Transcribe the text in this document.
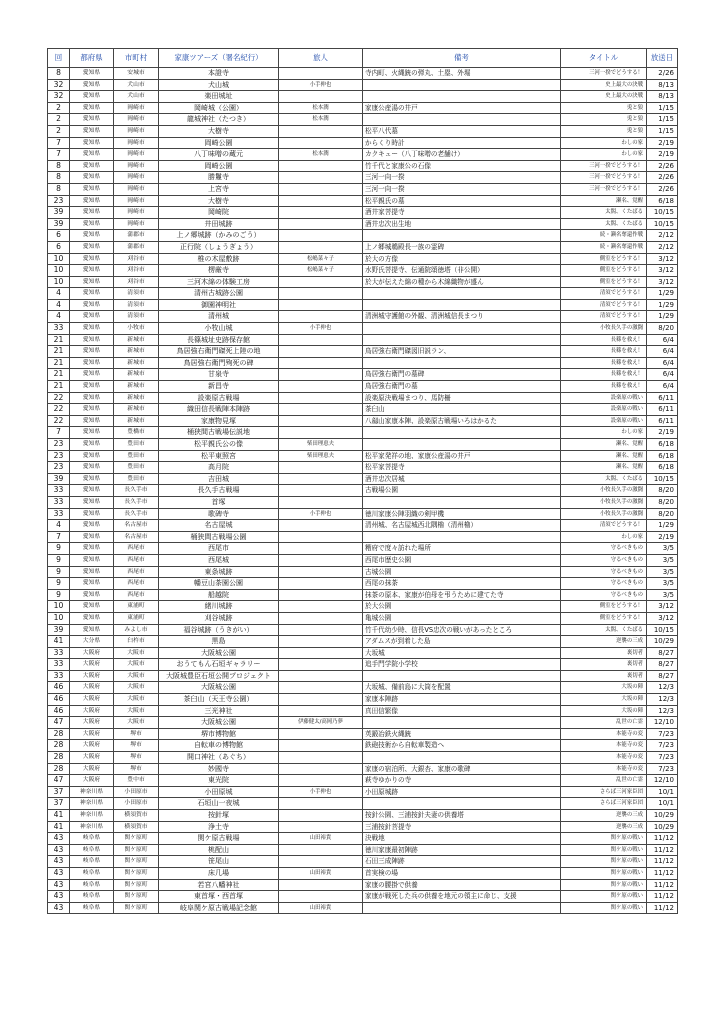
回	都府県	市町村	家康ツアーズ（署名紀行）	旅人	備考	タイトル	放送日
8	愛知県	安城市	本證寺		寺内町、火縄銃の弾丸、土塁、外堀	三河一揆でどうする！	2/26
32	愛知県	犬山市	犬山城	小手伸也		史上最大の決戦	8/13
32	愛知県	犬山市	楽田城址			史上最大の決戦	8/13
2	愛知県	岡崎市	岡崎城（公園）	松本潤	家康公産湯の井戸	兎と狼	1/15
2	愛知県	岡崎市	龍城神社（たつき）	松本潤		兎と狼	1/15
2	愛知県	岡崎市	大樹寺		松平八代墓	兎と狼	1/15
7	愛知県	岡崎市	岡崎公園		からくり時計	わしの家	2/19
7	愛知県	岡崎市	八丁味噌の蔵元	松本潤	カクキュー（八丁味噌の老舗け）	わしの家	2/19
8	愛知県	岡崎市	岡崎公園		竹千代と家康公の石像	三河一揆でどうする！	2/26
8	愛知県	岡崎市	勝鬘寺		三河一向一揆	三河一揆でどうする！	2/26
8	愛知県	岡崎市	上宮寺		三河一向一揆	三河一揆でどうする！	2/26
23	愛知県	岡崎市	大樹寺		松平親氏の墓	瀬名、覚醒	6/18
39	愛知県	岡崎市	岡崎院		酒井家菩提寺	太閤、くたばる	10/15
39	愛知県	岡崎市	井田城跡		酒井忠次出生地	太閤、くたばる	10/15
6	愛知県	蒲郡市	上ノ郷城跡（かみのごう）			続・瀬名奪還作戦	2/12
6	愛知県	蒲郡市	正行院（しょうぎょう）		上ノ郷城鵜殿長一族の霊碑	続・瀬名奪還作戦	2/12
10	愛知県	刈谷市	椎の木屋敷跡	松嶋菜々子	於大の方像	側室をどうする！	3/12
10	愛知県	刈谷市	楞厳寺	松嶋菜々子	水野氏菩提寺、伝通院頌徳塔（非公開）	側室をどうする！	3/12
10	愛知県	刈谷市	三河木綿の体験工房		於大が伝えた綿の種から木綿織物が盛ん	側室をどうする！	3/12
4	愛知県	清須市	清州古城跡公園			清須でどうする！	1/29
4	愛知県	清須市	御園神明社			清須でどうする！	1/29
4	愛知県	清須市	清州城		清洲城守護館の外観、清洲城信長まつり	清須でどうする！	1/29
33	愛知県	小牧市	小牧山城	小手伸也		小牧長久手の激闘	8/20
21	愛知県	新城市	長篠城址史跡保存館			長篠を救え！	6/4
21	愛知県	新城市	鳥居強右衛門磔死上陸の地		鳥居強右衛門磔図旧説ラン、	長篠を救え！	6/4
21	愛知県	新城市	鳥居強右衛門殉死の碑			長篠を救え！	6/4
21	愛知県	新城市	甘泉寺		鳥居強右衛門の墓碑	長篠を救え！	6/4
21	愛知県	新城市	新昌寺		鳥居強右衛門の墓	長篠を救え！	6/4
22	愛知県	新城市	設楽原古戦場		設楽原決戦場まつり、馬防柵	設楽原の戦い	6/11
22	愛知県	新城市	織田信長戦陣本陣跡		茶臼山	設楽原の戦い	6/11
22	愛知県	新城市	家康物見塚		八劔山家康本陣、設楽原古戦場いろはかるた	設楽原の戦い	6/11
7	愛知県	豊橋市	桶狭間古戦場伝説地			わしの家	2/19
23	愛知県	豊田市	松平親氏公の像	柴田理恵夫		瀬名、覚醒	6/18
23	愛知県	豊田市	松平東照宮	柴田理恵夫	松平家発祥の地、家康公産湯の井戸	瀬名、覚醒	6/18
23	愛知県	豊田市	高月院		松平家菩提寺	瀬名、覚醒	6/18
39	愛知県	豊田市	吉田城		酒井忠次居城	太閤、くたばる	10/15
33	愛知県	長久手市	長久手古戦場		古戦場公園	小牧長久手の激闘	8/20
33	愛知県	長久手市	首塚			小牧長久手の激闘	8/20
33	愛知県	長久手市	歌碑寺	小手伸也	徳川家康公陣羽織の剣甲機	小牧長久手の激闘	8/20
4	愛知県	名古屋市	名古屋城		清州城、名古屋城西北隅櫓（清州櫓）	清須でどうする！	1/29
7	愛知県	名古屋市	桶狭間古戦場公園			わしの家	2/19
9	愛知県	西尾市	西尾市		糟府で度々訪れた場所	守るべきもの	3/5
9	愛知県	西尾市	西尾城		西尾市歴史公園	守るべきもの	3/5
9	愛知県	西尾市	東条城跡		古城公園	守るべきもの	3/5
9	愛知県	西尾市	幡豆山茶園公園		西尾の抹茶	守るべきもの	3/5
9	愛知県	西尾市	船越院		抹茶の原本、家康が伯母を弔うために建てた寺	守るべきもの	3/5
10	愛知県	東浦町	緒川城跡		於大公園	側室をどうする！	3/12
10	愛知県	東浦町	刈谷城跡		亀城公園	側室をどうする！	3/12
39	愛知県	みよし市	福谷城跡（うきがい）		竹千代幼少時、信長VS忠次の戦いがあったところ	太閤、くたばる	10/15
41	大分県	臼杵市	黒島		アダムスが到着した島	逆襲の三成	10/29
33	大阪府	大阪市	大阪城公園		大坂城	裏切者	8/27
33	大阪府	大阪市	おうてもん石垣ギャラリー		追手門学院小学校	裏切者	8/27
33	大阪府	大阪市	大阪城豊臣石垣公開プロジェクト			裏切者	8/27
46	大阪府	大阪市	大阪城公園		大坂城、備前島に大筒を配置	大坂の陣	12/3
46	大阪府	大阪市	茶臼山（天王寺公園）		家康本陣跡	大坂の陣	12/3
46	大阪府	大阪市	三光神社		真田信繁像	大坂の陣	12/3
47	大阪府	大阪市	大阪城公園	伊藤健太/高岡乃夢		乱世の亡霊	12/10
28	大阪府	堺市	堺市博物館		英鍛冶鉄火縄銃	本能寺の変	7/23
28	大阪府	堺市	自転車の博物館		鉄砲技術から自転車製造へ	本能寺の変	7/23
28	大阪府	堺市	開口神社（あぐち）			本能寺の変	7/23
28	大阪府	堺市	妙國寺		家康の宿泊所、大銀杏、家康の歌碑	本能寺の変	7/23
47	大阪府	豊中市	東光院		萩寺ゆかりの寺	乱世の亡霊	12/10
37	神奈川県	小田原市	小田原城	小手伸也	小田原城跡	さらば三河家臣団	10/1
37	神奈川県	小田原市	石垣山一夜城			さらば三河家臣団	10/1
41	神奈川県	横須賀市	按針塚		按針公園、三浦按針夫妻の供養塔	逆襲の三成	10/29
41	神奈川県	横須賀市	浄土寺		三浦按針菩提寺	逆襲の三成	10/29
43	岐阜県	関ケ原町	関ケ原古戦場	山田裕貴	決戦地	関ケ原の戦い	11/12
43	岐阜県	関ケ原町	桃配山		徳川家康最初陣跡	関ケ原の戦い	11/12
43	岐阜県	関ケ原町	笹尾山		石田三成陣跡	関ケ原の戦い	11/12
43	岐阜県	関ケ原町	床几場	山田裕貴	首実検の場	関ケ原の戦い	11/12
43	岐阜県	関ケ原町	若宮八幡神社		家康の腰掛で供養	関ケ原の戦い	11/12
43	岐阜県	関ケ原町	東首塚・西首塚		家康が戦死した兵の供養を地元の領主に命じ、支援	関ケ原の戦い	11/12
43	岐阜県	関ケ原町	岐阜関ケ原古戦場記念館	山田裕貴		関ケ原の戦い	11/12
